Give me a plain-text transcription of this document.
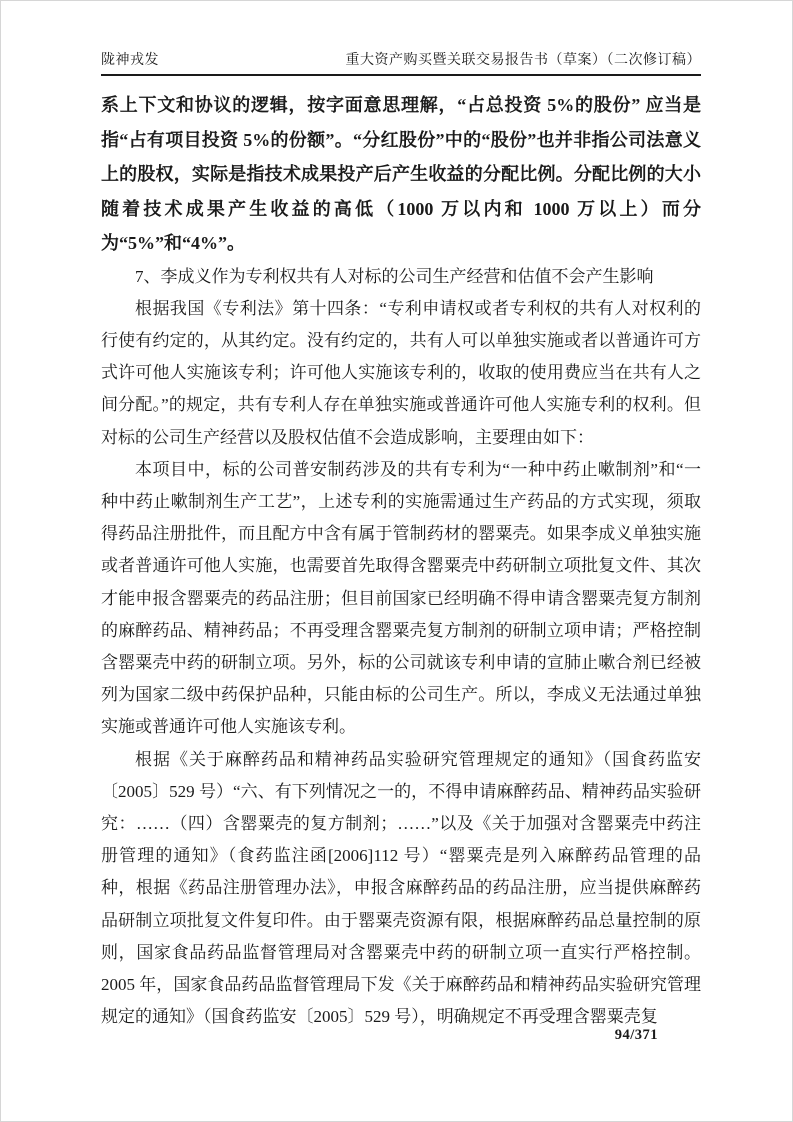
陇神戎发	重大资产购买暨关联交易报告书（草案）（二次修订稿）

系上下文和协议的逻辑，按字面意思理解，“占总投资 5%的股份” 应当是指“占有项目投资 5%的份额”。“分红股份”中的“股份”也并非指公司法意义上的股权，实际是指技术成果投产后产生收益的分配比例。分配比例的大小随着技术成果产生收益的高低（1000 万以内和 1000 万以上）而分为“5%”和“4%”。

7、李成义作为专利权共有人对标的公司生产经营和估值不会产生影响

根据我国《专利法》第十四条：“专利申请权或者专利权的共有人对权利的行使有约定的，从其约定。没有约定的，共有人可以单独实施或者以普通许可方式许可他人实施该专利；许可他人实施该专利的，收取的使用费应当在共有人之间分配。”的规定，共有专利人存在单独实施或普通许可他人实施专利的权利。但对标的公司生产经营以及股权估值不会造成影响，主要理由如下：

本项目中，标的公司普安制药涉及的共有专利为“一种中药止嗽制剂”和“一种中药止嗽制剂生产工艺”，上述专利的实施需通过生产药品的方式实现，须取得药品注册批件，而且配方中含有属于管制药材的罂粟壳。如果李成义单独实施或者普通许可他人实施，也需要首先取得含罂粟壳中药研制立项批复文件、其次才能申报含罂粟壳的药品注册；但目前国家已经明确不得申请含罂粟壳复方制剂的麻醉药品、精神药品；不再受理含罂粟壳复方制剂的研制立项申请；严格控制含罂粟壳中药的研制立项。另外，标的公司就该专利申请的宣肺止嗽合剂已经被列为国家二级中药保护品种，只能由标的公司生产。所以，李成义无法通过单独实施或普通许可他人实施该专利。

根据《关于麻醉药品和精神药品实验研究管理规定的通知》（国食药监安〔2005〕529 号）“六、有下列情况之一的，不得申请麻醉药品、精神药品实验研究：……（四）含罂粟壳的复方制剂；……”以及《关于加强对含罂粟壳中药注册管理的通知》（食药监注函[2006]112 号）“罂粟壳是列入麻醉药品管理的品种，根据《药品注册管理办法》，申报含麻醉药品的药品注册，应当提供麻醉药品研制立项批复文件复印件。由于罂粟壳资源有限，根据麻醉药品总量控制的原则，国家食品药品监督管理局对含罂粟壳中药的研制立项一直实行严格控制。2005 年，国家食品药品监督管理局下发《关于麻醉药品和精神药品实验研究管理规定的通知》（国食药监安〔2005〕529 号），明确规定不再受理含罂粟壳复

94/371
